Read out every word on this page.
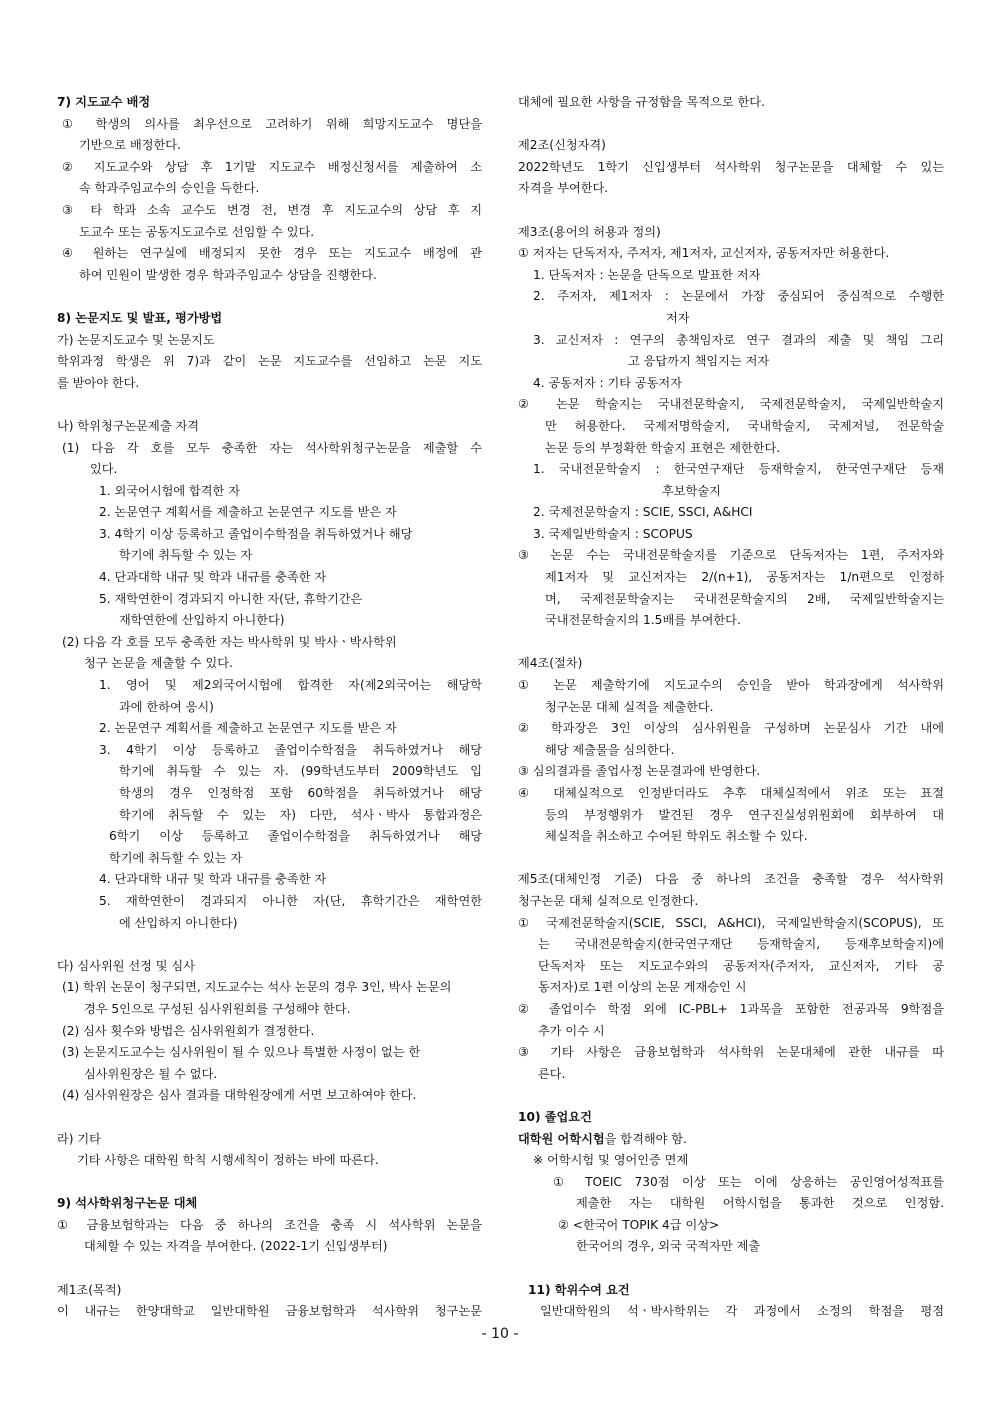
7) 지도교수 배정
① 학생의 의사를 최우선으로 고려하기 위해 희망지도교수 명단을
기반으로 배정한다.
② 지도교수와 상담 후 1기말 지도교수 배정신청서를 제출하여 소
속 학과주임교수의 승인을 득한다.
③ 타 학과 소속 교수도 변경 전, 변경 후 지도교수의 상담 후 지
도교수 또는 공동지도교수로 선임할 수 있다.
④ 원하는 연구실에 배정되지 못한 경우 또는 지도교수 배정에 관
하여 민원이 발생한 경우 학과주임교수 상담을 진행한다.
8) 논문지도 및 발표, 평가방법
가) 논문지도교수 및 논문지도
학위과정 학생은 위 7)과 같이 논문 지도교수를 선임하고 논문 지도
를 받아야 한다.
나) 학위청구논문제출 자격
(1) 다음 각 호를 모두 충족한 자는 석사학위청구논문을 제출할 수
있다.
1. 외국어시험에 합격한 자
2. 논문연구 계획서를 제출하고 논문연구 지도를 받은 자
3. 4학기 이상 등록하고 졸업이수학점을 취득하였거나 해당
학기에 취득할 수 있는 자
4. 단과대학 내규 및 학과 내규를 충족한 자
5. 재학연한이 경과되지 아니한 자(단, 휴학기간은
재학연한에 산입하지 아니한다)
(2) 다음 각 호를 모두 충족한 자는 박사학위 및 박사ㆍ박사학위
청구 논문을 제출할 수 있다.
1. 영어 및 제2외국어시험에 합격한 자(제2외국어는 해당학
과에 한하여 응시)
2. 논문연구 계획서를 제출하고 논문연구 지도를 받은 자
3. 4학기 이상 등록하고 졸업이수학점을 취득하였거나 해당
학기에 취득할 수 있는 자. (99학년도부터 2009학년도 입
학생의 경우 인정학점 포함 60학점을 취득하였거나 해당
학기에 취득할 수 있는 자) 다만, 석사ㆍ박사 통합과정은
6학기 이상 등록하고 졸업이수학점을 취득하였거나 해당
학기에 취득할 수 있는 자
4. 단과대학 내규 및 학과 내규를 충족한 자
5. 재학연한이 경과되지 아니한 자(단, 휴학기간은 재학연한
에 산입하지 아니한다)
다) 심사위원 선정 및 심사
(1) 학위 논문이 청구되면, 지도교수는 석사 논문의 경우 3인, 박사 논문의
경우 5인으로 구성된 심사위원회를 구성해야 한다.
(2) 심사 횟수와 방법은 심사위원회가 결정한다.
(3) 논문지도교수는 심사위원이 될 수 있으나 특별한 사정이 없는 한
심사위원장은 될 수 없다.
(4) 심사위원장은 심사 결과를 대학원장에게 서면 보고하여야 한다.
라) 기타
기타 사항은 대학원 학칙 시행세칙이 정하는 바에 따른다.
9) 석사학위청구논문 대체
① 금융보험학과는 다음 중 하나의 조건을 충족 시 석사학위 논문을
대체할 수 있는 자격을 부여한다. (2022-1기 신입생부터)
제1조(목적)
이 내규는 한양대학교 일반대학원 금융보험학과 석사학위 청구논문
대체에 필요한 사항을 규정함을 목적으로 한다.
제2조(신청자격)
2022학년도 1학기 신입생부터 석사학위 청구논문을 대체할 수 있는
자격을 부여한다.
제3조(용어의 허용과 정의)
① 저자는 단독저자, 주저자, 제1저자, 교신저자, 공동저자만 허용한다.
1. 단독저자 : 논문을 단독으로 발표한 저자
2. 주저자, 제1저자 : 논문에서 가장 중심되어 중심적으로 수행한
저자
3. 교신저자 : 연구의 총책임자로 연구 결과의 제출 및 책임 그리
고 응답까지 책임지는 저자
4. 공동저자 : 기타 공동저자
② 논문 학술지는 국내전문학술지, 국제전문학술지, 국제일반학술지
만 허용한다. 국제저명학술지, 국내학술지, 국제저널, 전문학술
논문 등의 부정확한 학술지 표현은 제한한다.
1. 국내전문학술지 : 한국연구재단 등재학술지, 한국연구재단 등재
후보학술지
2. 국제전문학술지 : SCIE, SSCI, A&HCI
3. 국제일반학술지 : SCOPUS
③ 논문 수는 국내전문학술지를 기준으로 단독저자는 1편, 주저자와
제1저자 및 교신저자는 2/(n+1), 공동저자는 1/n편으로 인정하
며, 국제전문학술지는 국내전문학술지의 2배, 국제일반학술지는
국내전문학술지의 1.5배를 부여한다.
제4조(절차)
① 논문 제출학기에 지도교수의 승인을 받아 학과장에게 석사학위
청구논문 대체 실적을 제출한다.
② 학과장은 3인 이상의 심사위원을 구성하며 논문심사 기간 내에
해당 제출물을 심의한다.
③ 심의결과를 졸업사정 논문결과에 반영한다.
④ 대체실적으로 인정받더라도 추후 대체실적에서 위조 또는 표절
등의 부정행위가 발견된 경우 연구진실성위원회에 회부하여 대
체실적을 취소하고 수여된 학위도 취소할 수 있다.
제5조(대체인정 기준) 다음 중 하나의 조건을 충족할 경우 석사학위
청구논문 대체 실적으로 인정한다.
① 국제전문학술지(SCIE, SSCI, A&HCI), 국제일반학술지(SCOPUS), 또
는 국내전문학술지(한국연구재단 등재학술지, 등재후보학술지)에
단독저자 또는 지도교수와의 공동저자(주저자, 교신저자, 기타 공
동저자)로 1편 이상의 논문 게재승인 시
② 졸업이수 학점 외에 IC-PBL+ 1과목을 포함한 전공과목 9학점을
추가 이수 시
③ 기타 사항은 금융보험학과 석사학위 논문대체에 관한 내규를 따
른다.
10) 졸업요건
대학원 어학시험을 합격해야 함.
※ 어학시험 및 영어인증 면제
① TOEIC 730점 이상 또는 이에 상응하는 공인영어성적표를
제출한 자는 대학원 어학시험을 통과한 것으로 인정함.
② <한국어 TOPIK 4급 이상>
한국어의 경우, 외국 국적자만 제출
11) 학위수여 요건
일반대학원의 석ㆍ박사학위는 각 과정에서 소정의 학점을 평점
- 10 -
